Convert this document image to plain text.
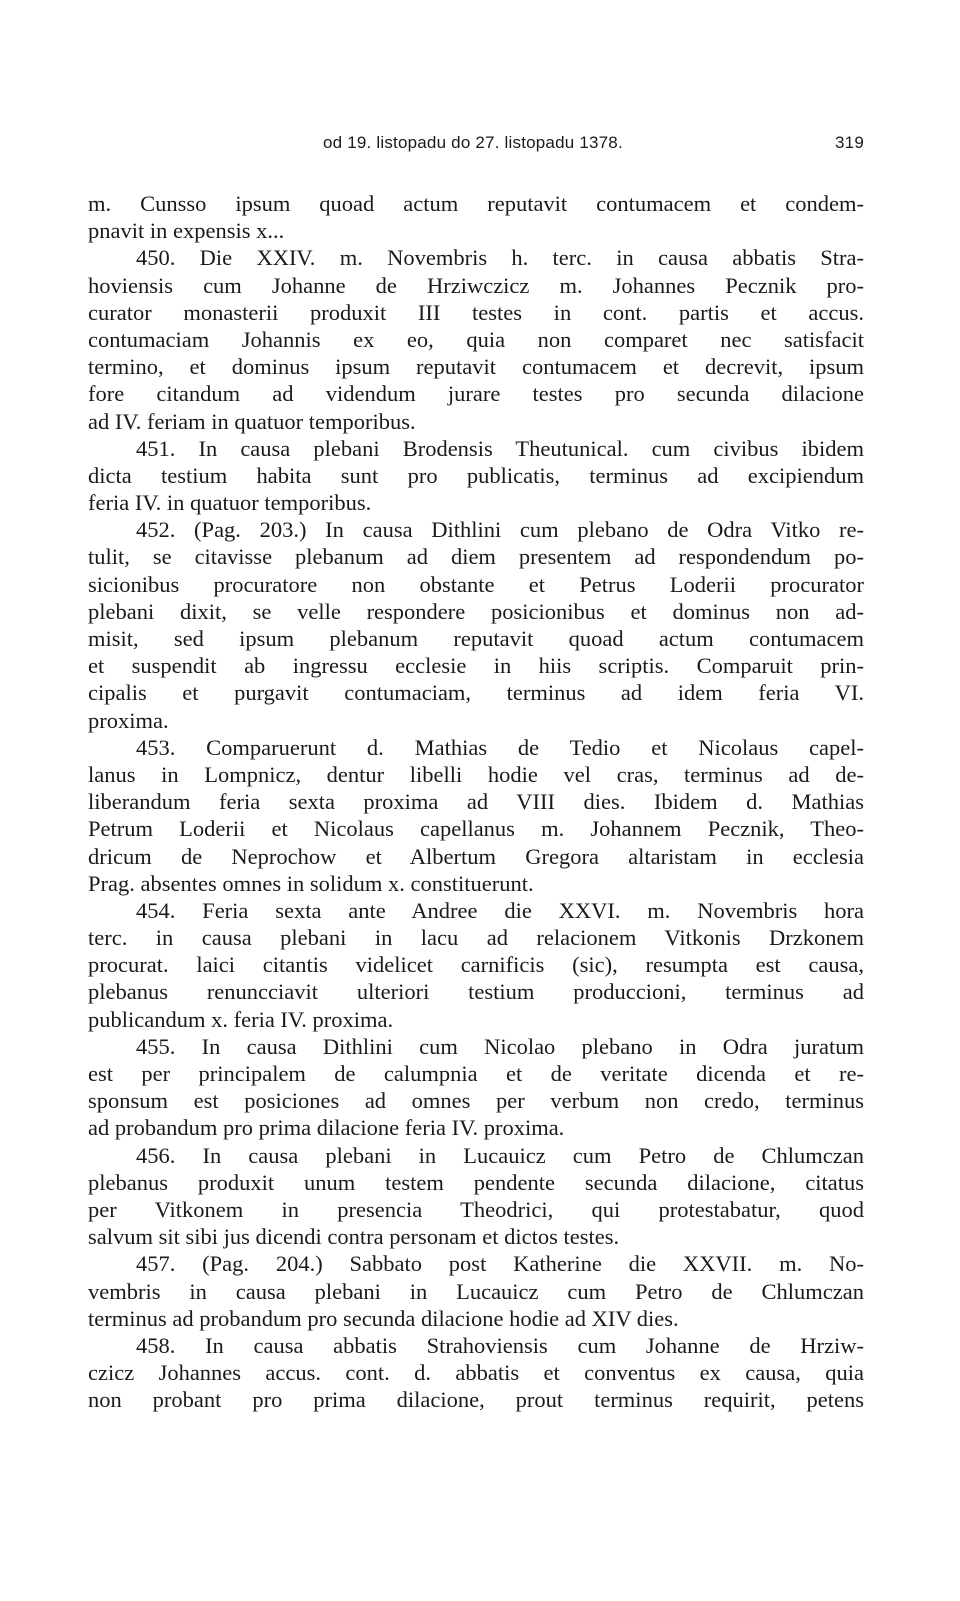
od 19. listopadu do 27. listopadu 1378.	319
m. Cunsso ipsum quoad actum reputavit contumacem et condem-
pnavit in expensis x...
450. Die XXIV. m. Novembris h. terc. in causa abbatis Stra-
hoviensis cum Johanne de Hrziwczicz m. Johannes Pecznik pro-
curator monasterii produxit III testes in cont. partis et accus.
contumaciam Johannis ex eo, quia non comparet nec satisfacit
termino, et dominus ipsum reputavit contumacem et decrevit, ipsum
fore citandum ad videndum jurare testes pro secunda dilacione
ad IV. feriam in quatuor temporibus.
451. In causa plebani Brodensis Theutunical. cum civibus ibidem
dicta testium habita sunt pro publicatis, terminus ad excipiendum
feria IV. in quatuor temporibus.
452. (Pag. 203.) In causa Dithlini cum plebano de Odra Vitko re-
tulit, se citavisse plebanum ad diem presentem ad respondendum po-
sicionibus procuratore non obstante et Petrus Loderii procurator
plebani dixit, se velle respondere posicionibus et dominus non ad-
misit, sed ipsum plebanum reputavit quoad actum contumacem
et suspendit ab ingressu ecclesie in hiis scriptis. Comparuit prin-
cipalis et purgavit contumaciam, terminus ad idem feria VI.
proxima.
453. Comparuerunt d. Mathias de Tedio et Nicolaus capel-
lanus in Lompnicz, dentur libelli hodie vel cras, terminus ad de-
liberandum feria sexta proxima ad VIII dies. Ibidem d. Mathias
Petrum Loderii et Nicolaus capellanus m. Johannem Pecznik, Theo-
dricum de Neprochow et Albertum Gregora altaristam in ecclesia
Prag. absentes omnes in solidum x. constituerunt.
454. Feria sexta ante Andree die XXVI. m. Novembris hora
terc. in causa plebani in lacu ad relacionem Vitkonis Drzkonem
procurat. laici citantis videlicet carnificis (sic), resumpta est causa,
plebanus renuncciavit ulteriori testium produccioni, terminus ad
publicandum x. feria IV. proxima.
455. In causa Dithlini cum Nicolao plebano in Odra juratum
est per principalem de calumpnia et de veritate dicenda et re-
sponsum est posiciones ad omnes per verbum non credo, terminus
ad probandum pro prima dilacione feria IV. proxima.
456. In causa plebani in Lucauicz cum Petro de Chlumczan
plebanus produxit unum testem pendente secunda dilacione, citatus
per Vitkonem in presencia Theodrici, qui protestabatur, quod
salvum sit sibi jus dicendi contra personam et dictos testes.
457. (Pag. 204.) Sabbato post Katherine die XXVII. m. No-
vembris in causa plebani in Lucauicz cum Petro de Chlumczan
terminus ad probandum pro secunda dilacione hodie ad XIV dies.
458. In causa abbatis Strahoviensis cum Johanne de Hrziw-
czicz Johannes accus. cont. d. abbatis et conventus ex causa, quia
non probant pro prima dilacione, prout terminus requirit, petens
